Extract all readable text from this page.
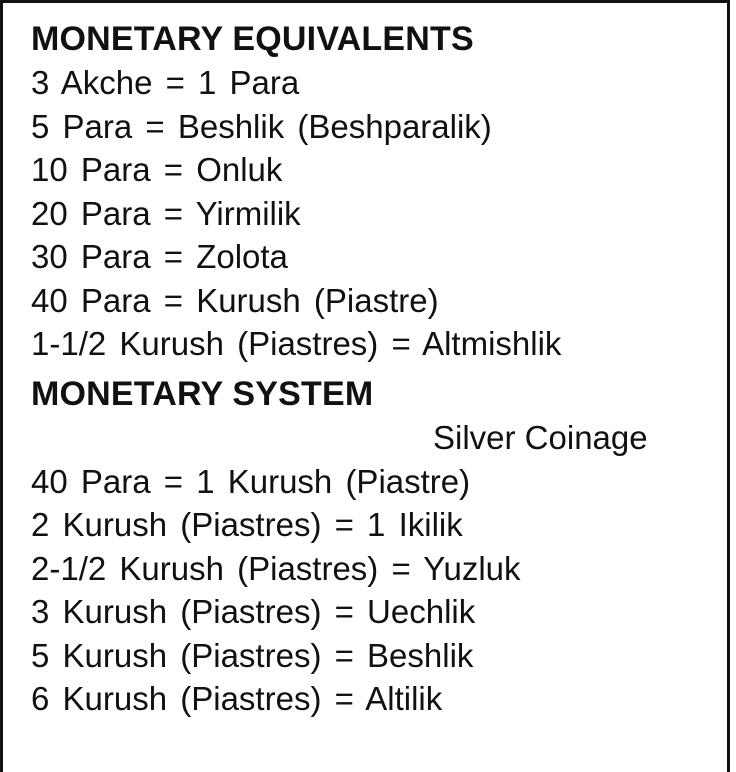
MONETARY EQUIVALENTS
3 Akche = 1 Para
5 Para = Beshlik (Beshparalik)
10 Para = Onluk
20 Para = Yirmilik
30 Para = Zolota
40 Para = Kurush (Piastre)
1-1/2 Kurush (Piastres) = Altmishlik
MONETARY SYSTEM
Silver Coinage
40 Para = 1 Kurush (Piastre)
2 Kurush (Piastres) = 1 Ikilik
2-1/2 Kurush (Piastres) = Yuzluk
3 Kurush (Piastres) = Uechlik
5 Kurush (Piastres) = Beshlik
6 Kurush (Piastres) = Altilik
